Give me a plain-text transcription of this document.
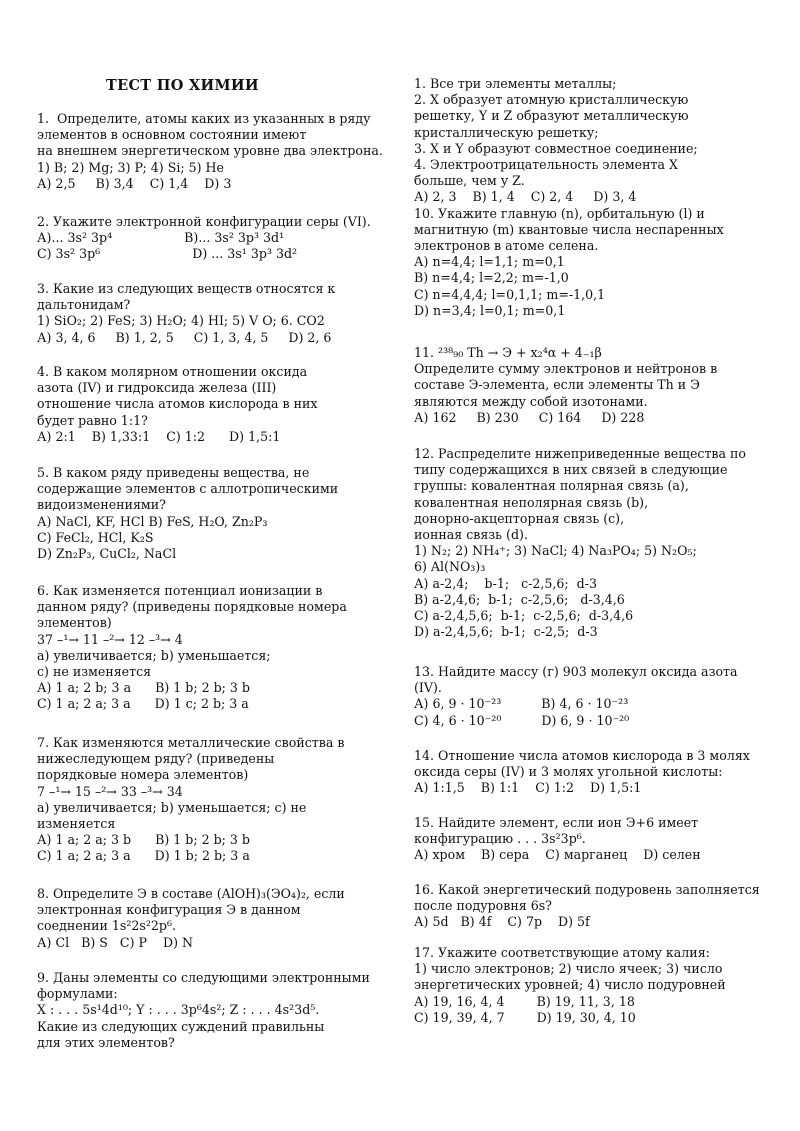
ТЕСТ ПО ХИМИИ
1.  Определите, атомы каких из указанных в ряду
элементов в основном состоянии имеют
на внешнем энергетическом уровне два электрона.
1) B; 2) Mg; 3) P; 4) Si; 5) He
А) 2,5     В) 3,4    С) 1,4    D) 3
2. Укажите электронной конфигурации серы (VI).
А)... 3s² 3p⁴                  В)... 3s² 3p³ 3d¹
С) 3s² 3p⁶                       D) ... 3s¹ 3p³ 3d²
3. Какие из следующих веществ относятся к
дальтонидам?
1) SiO₂; 2) FeS; 3) H₂O; 4) HI; 5) V O; 6. CO2
А) 3, 4, 6     В) 1, 2, 5     С) 1, 3, 4, 5     D) 2, 6
4. В каком молярном отношении оксида
азота (IV) и гидроксида железа (III)
отношение числа атомов кислорода в них
будет равно 1:1?
А) 2:1    В) 1,33:1    С) 1:2      D) 1,5:1
5. В каком ряду приведены вещества, не
содержащие элементов с аллотропическими
видоизменениями?
А) NaCl, KF, HCl В) FeS, H₂O, Zn₂P₃
С) FeCl₂, HCl, K₂S
D) Zn₂P₃, CuCl₂, NaCl
6. Как изменяется потенциал ионизации в
данном ряду? (приведены порядковые номера
элементов)
37 –¹→ 11 –²→ 12 –³→ 4
а) увеличивается; b) уменьшается;
с) не изменяется
А) 1 а; 2 b; 3 а      В) 1 b; 2 b; 3 b
С) 1 а; 2 а; 3 а      D) 1 с; 2 b; 3 а
7. Как изменяются металлические свойства в
нижеследующем ряду? (приведены
порядковые номера элементов)
7 –¹→ 15 –²→ 33 –³→ 34
а) увеличивается; b) уменьшается; с) не
изменяется
А) 1 а; 2 а; 3 b      В) 1 b; 2 b; 3 b
С) 1 а; 2 а; 3 а      D) 1 b; 2 b; 3 а
8. Определите Э в составе (AlOH)₃(ЭO₄)₂, если
электронная конфигурация Э в данном
соеднении 1s²2s²2p⁶.
А) Cl   В) S   С) P    D) N
9. Даны элементы со следующими электронными
формулами:
X : . . . 5s¹4d¹⁰; Y : . . . 3p⁶4s²; Z : . . . 4s²3d⁵.
Какие из следующих суждений правильны
для этих элементов?
1. Все три элементы металлы;
2. X образует атомную кристаллическую
решетку, Y и Z образуют металлическую
кристаллическую решетку;
3. X и Y образуют совместное соединение;
4. Электроотрицательность элемента X
больше, чем у Z.
А) 2, 3    В) 1, 4    С) 2, 4     D) 3, 4
10. Укажите главную (n), орбитальную (l) и
магнитную (m) квантовые числа неспаренных
электронов в атоме селена.
А) n=4,4; l=1,1; m=0,1
В) n=4,4; l=2,2; m=-1,0
С) n=4,4,4; l=0,1,1; m=-1,0,1
D) n=3,4; l=0,1; m=0,1
11. ²³⁸₉₀ Th → Э + x₂⁴α + 4₋₁β
Определите сумму электронов и нейтронов в
составе Э-элемента, если элементы Th и Э
являются между собой изотонами.
А) 162     В) 230     С) 164     D) 228
12. Распределите нижеприведенные вещества по
типу содержащихся в них связей в следующие
группы: ковалентная полярная связь (а),
ковалентная неполярная связь (b),
донорно-акцепторная связь (с),
ионная связь (d).
1) N₂; 2) NH₄⁺; 3) NaCl; 4) Na₃PO₄; 5) N₂O₅;
6) Al(NO₃)₃
А) а-2,4;    b-1;   с-2,5,6;  d-3
В) а-2,4,6;  b-1;  с-2,5,6;   d-3,4,6
С) а-2,4,5,6;  b-1;  с-2,5,6;  d-3,4,6
D) а-2,4,5,6;  b-1;  с-2,5;  d-3
13. Найдите массу (г) 903 молекул оксида азота
(IV).
А) 6, 9 · 10⁻²³          В) 4, 6 · 10⁻²³
С) 4, 6 · 10⁻²⁰          D) 6, 9 · 10⁻²⁰
14. Отношение числа атомов кислорода в 3 молях
оксида серы (IV) и 3 молях угольной кислоты:
А) 1:1,5    В) 1:1    С) 1:2    D) 1,5:1
15. Найдите элемент, если ион Э+6 имеет
конфигурацию . . . 3s²3p⁶.
А) хром    В) сера    С) марганец    D) селен
16. Какой энергетический подуровень заполняется
после подуровня 6s?
А) 5d   В) 4f    С) 7p    D) 5f
17. Укажите соответствующие атому калия:
1) число электронов; 2) число ячеек; 3) число
энергетических уровней; 4) число подуровней
А) 19, 16, 4, 4        В) 19, 11, 3, 18
С) 19, 39, 4, 7        D) 19, 30, 4, 10
